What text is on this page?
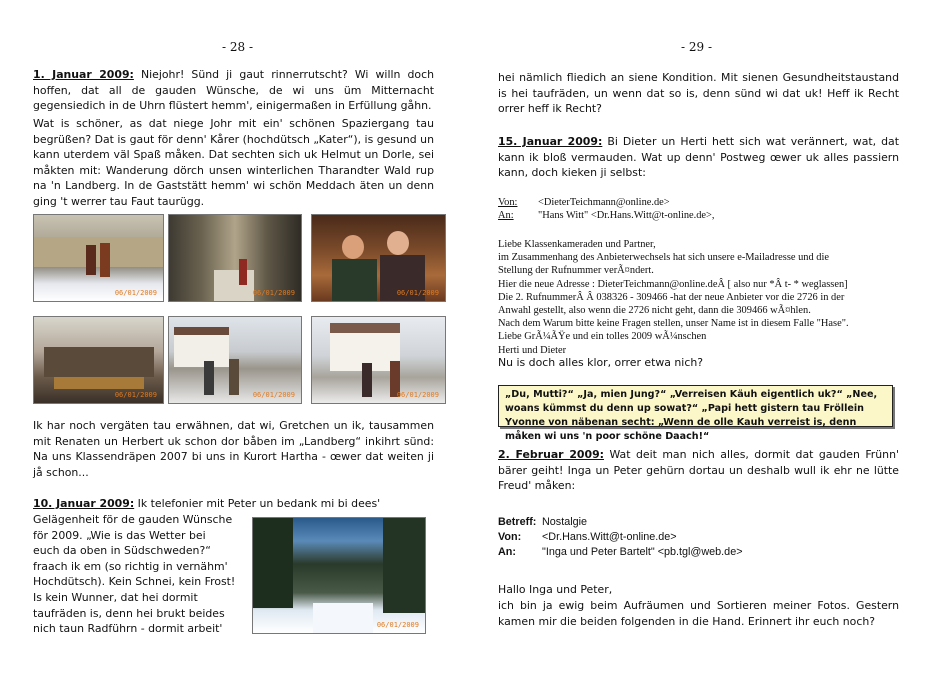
- 28 -

1. Januar 2009: Niejohr! Sünd ji gaut rinnerrutscht? Wi willn doch hoffen, dat all de gauden Wünsche, de wi uns üm Mitternacht gegensiedich in de Uhrn flüstert hemm', einigermaßen in Erfüllung gåhn.

Wat is schöner, as dat niege Johr mit ein' schönen Spaziergang tau begrüßen? Dat is gaut för denn' Kårer (hochdütsch „Kater“), is gesund un kann uterdem väl Spaß måken. Dat sechten sich uk Helmut un Dorle, sei måkten mit: Wanderung dörch unsen winterlichen Tharandter Wald rup na 'n Landberg. In de Gaststätt hemm' wi schön Meddach äten un denn ging 't werrer tau Faut taurügg.

06/01/2009	06/01/2009	06/01/2009
06/01/2009	06/01/2009	06/01/2009

Ik har noch vergäten tau erwähnen, dat wi, Gretchen un ik, tausammen mit Renaten un Herbert uk schon dor båben im „Landberg“ inkihrt sünd: Na uns Klassendräpen 2007 bi uns in Kurort Hartha - œwer dat weiten ji jå schon...

10. Januar 2009: Ik telefonier mit Peter un bedank mi bi dees'

Gelägenheit för de gauden Wünsche
för 2009. „Wie is das Wetter bei
euch da oben in Südschweden?“
fraach ik em (so richtig in vernähm'
Hochdütsch). Kein Schnei, kein Frost!
Is kein Wunner, dat hei dormit
taufräden is, denn hei brukt beides
nich taun Radführn - dormit arbeit'	06/01/2009
- 29 -

hei nämlich fliedich an siene Kondition. Mit sienen Gesundheitstaustand is hei taufräden, un wenn dat so is, denn sünd wi dat uk! Heff ik Recht orrer heff ik Recht?

15. Januar 2009: Bi Dieter un Herti hett sich wat verännert, wat, dat kann ik bloß vermauden. Wat up denn' Postweg œwer uk alles passiern kann, doch kieken ji selbst:

Von: <DieterTeichmann@online.de>
An: "Hans Witt" <Dr.Hans.Witt@t-online.de>,
Liebe Klassenkameraden und Partner,
im Zusammenhang des Anbieterwechsels hat sich unsere e-Mailadresse und die
Stellung der Rufnummer verÃ¤ndert.
Hier die neue Adresse : DieterTeichmann@online.deÂ [ also nur *Â t- * weglassen]
Die 2. RufnummerÂ Â 038326 - 309466 -hat der neue Anbieter vor die 2726 in der
Anwahl gestellt, also wenn die 2726 nicht geht, dann die 309466 wÃ¤hlen.
Nach dem Warum bitte keine Fragen stellen, unser Name ist in diesem Falle "Hase".
Liebe GrÃ¼ÃŸe und ein tolles 2009 wÃ¼nschen
Herti und Dieter
Nu is doch alles klor, orrer etwa nich?
„Du, Mutti?“ „Ja, mien Jung?“ „Verreisen Käuh eigentlich uk?“ „Nee, woans kümmst du denn up sowat?“ „Papi hett gistern tau Fröllein Yvonne von näbenan secht: „Wenn de olle Kauh verreist is, denn måken wi uns 'n poor schöne Daach!“

2. Februar 2009: Wat deit man nich alles, dormit dat gauden Frünn' bärer geiht! Inga un Peter gehürn dortau un deshalb wull ik ehr ne lütte Freud' måken:

Betreff: Nostalgie
Von: <Dr.Hans.Witt@t-online.de>
An: "Inga und Peter Bartelt" <pb.tgl@web.de>
Hallo Inga und Peter,
ich bin ja ewig beim Aufräumen und Sortieren meiner Fotos. Gestern kamen mir die beiden folgenden in die Hand. Erinnert ihr euch noch?
